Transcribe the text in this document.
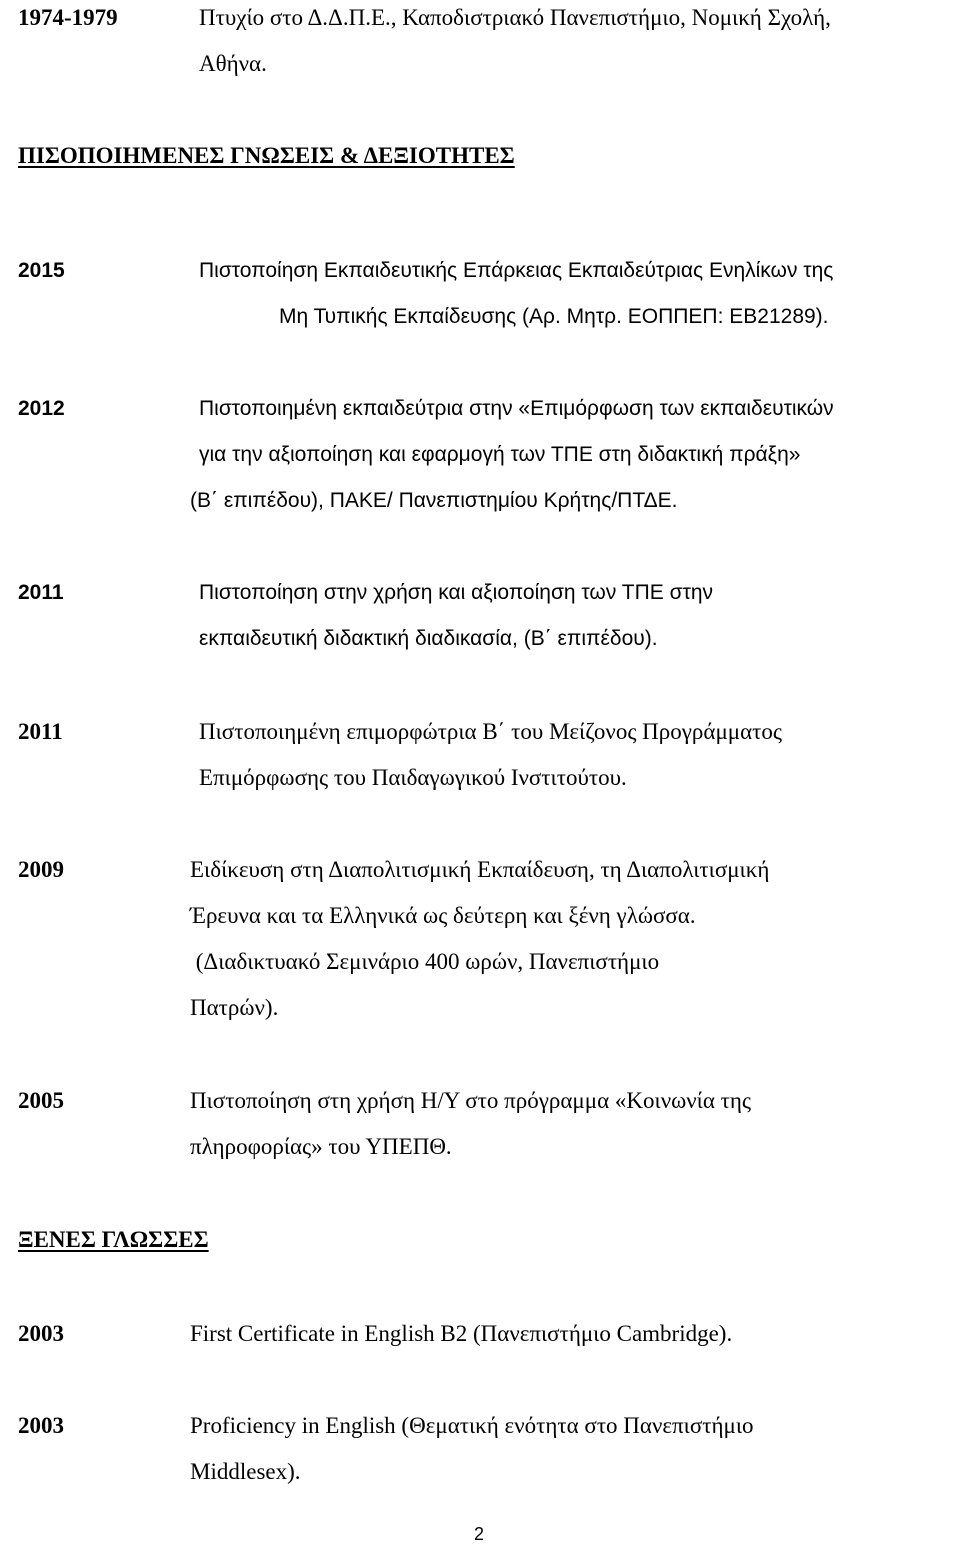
1974-1979	Πτυχίο στο Δ.Δ.Π.Ε., Καποδιστριακό Πανεπιστήμιο, Νομική Σχολή,
Αθήνα.
ΠΙΣΟΠΟΙΗΜΕΝΕΣ ΓΝΩΣΕΙΣ & ΔΕΞΙΟΤΗΤΕΣ
2015	Πιστοποίηση Εκπαιδευτικής Επάρκειας Εκπαιδεύτριας Ενηλίκων της
Μη Τυπικής Εκπαίδευσης (Αρ. Μητρ. ΕΟΠΠΕΠ: ΕΒ21289).
2012	Πιστοποιημένη εκπαιδεύτρια στην «Επιμόρφωση των εκπαιδευτικών
για την αξιοποίηση και εφαρμογή των ΤΠΕ στη διδακτική πράξη»
(Β΄ επιπέδου), ΠΑΚΕ/ Πανεπιστημίου Κρήτης/ΠΤΔΕ.
2011	Πιστοποίηση στην χρήση και αξιοποίηση των ΤΠΕ στην
εκπαιδευτική διδακτική διαδικασία, (Β΄ επιπέδου).
2011	Πιστοποιημένη επιμορφώτρια Β΄ του Μείζονος Προγράμματος
Επιμόρφωσης του Παιδαγωγικού Ινστιτούτου.
2009	Ειδίκευση στη Διαπολιτισμική Εκπαίδευση, τη Διαπολιτισμική
Έρευνα και τα Ελληνικά ως δεύτερη και ξένη γλώσσα.
(Διαδικτυακό Σεμινάριο 400 ωρών, Πανεπιστήμιο
Πατρών).
2005	Πιστοποίηση στη χρήση Η/Υ στο πρόγραμμα «Κοινωνία της
πληροφορίας» του ΥΠΕΠΘ.
ΞΕΝΕΣ ΓΛΩΣΣΕΣ
2003	First Certificate in English B2 (Πανεπιστήμιο Cambridge).
2003	Proficiency in English (Θεματική ενότητα στο Πανεπιστήμιο
Middlesex).
2
